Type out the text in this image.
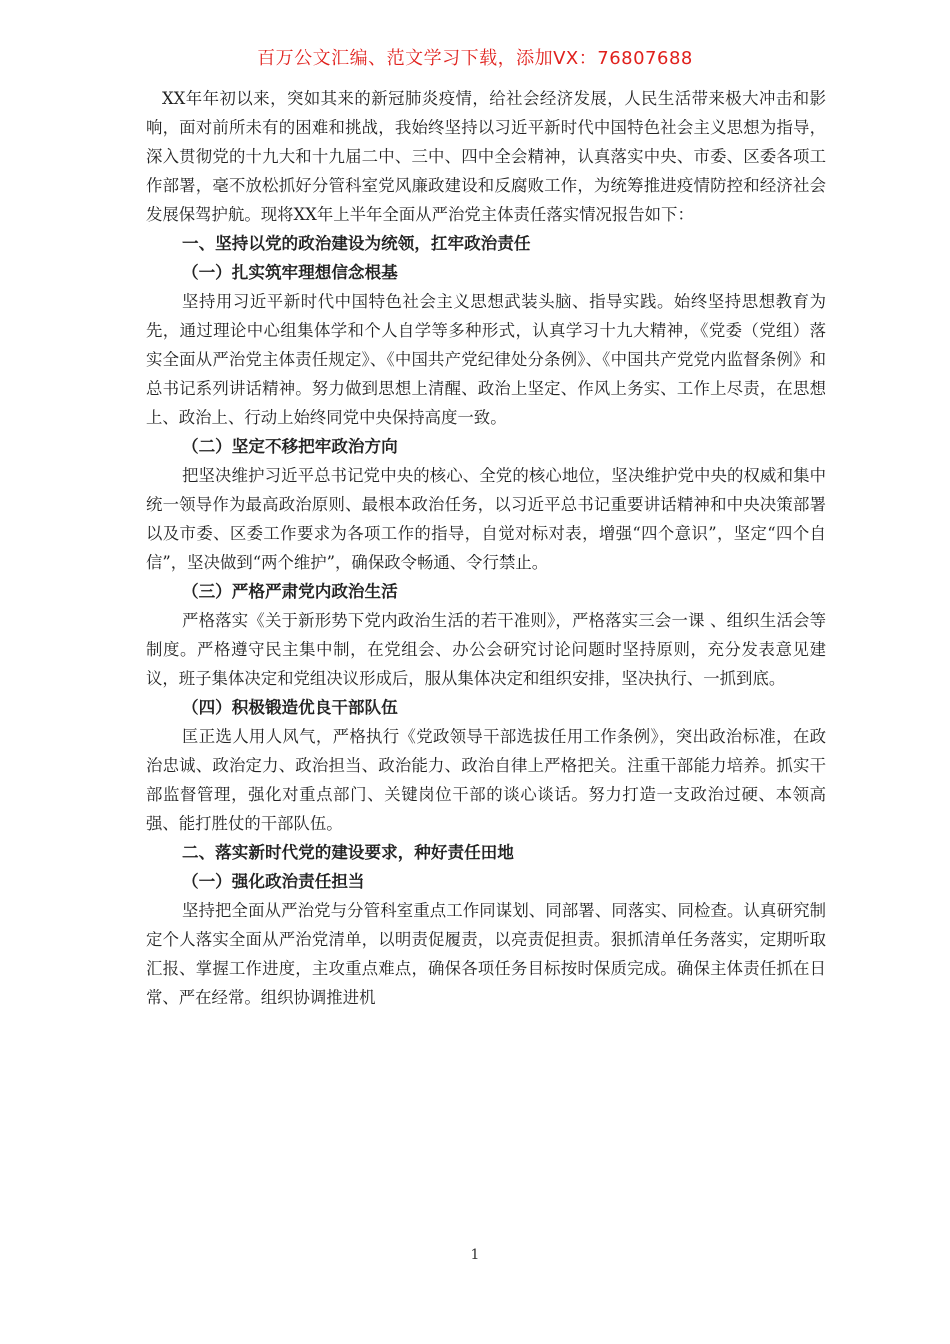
百万公文汇编、范文学习下载，添加VX：76807688

XX年年初以来，突如其来的新冠肺炎疫情，给社会经济发展，人民生活带来极大冲击和影响，面对前所未有的困难和挑战，我始终坚持以习近平新时代中国特色社会主义思想为指导，深入贯彻党的十九大和十九届二中、三中、四中全会精神，认真落实中央、市委、区委各项工作部署，毫不放松抓好分管科室党风廉政建设和反腐败工作，为统筹推进疫情防控和经济社会发展保驾护航。现将XX年上半年全面从严治党主体责任落实情况报告如下：

一、坚持以党的政治建设为统领，扛牢政治责任

（一）扎实筑牢理想信念根基

坚持用习近平新时代中国特色社会主义思想武装头脑、指导实践。始终坚持思想教育为先，通过理论中心组集体学和个人自学等多种形式，认真学习十九大精神，《党委（党组）落实全面从严治党主体责任规定》、《中国共产党纪律处分条例》、《中国共产党党内监督条例》和总书记系列讲话精神。努力做到思想上清醒、政治上坚定、作风上务实、工作上尽责，在思想上、政治上、行动上始终同党中央保持高度一致。

（二）坚定不移把牢政治方向

把坚决维护习近平总书记党中央的核心、全党的核心地位，坚决维护党中央的权威和集中统一领导作为最高政治原则、最根本政治任务，以习近平总书记重要讲话精神和中央决策部署以及市委、区委工作要求为各项工作的指导，自觉对标对表，增强“四个意识”，坚定“四个自信”，坚决做到“两个维护”，确保政令畅通、令行禁止。

（三）严格严肃党内政治生活

严格落实《关于新形势下党内政治生活的若干准则》，严格落实三会一课 、组织生活会等制度。严格遵守民主集中制，在党组会、办公会研究讨论问题时坚持原则，充分发表意见建议，班子集体决定和党组决议形成后，服从集体决定和组织安排，坚决执行、一抓到底。

（四）积极锻造优良干部队伍

匡正选人用人风气，严格执行《党政领导干部选拔任用工作条例》，突出政治标准，在政治忠诚、政治定力、政治担当、政治能力、政治自律上严格把关。注重干部能力培养。抓实干部监督管理，强化对重点部门、关键岗位干部的谈心谈话。努力打造一支政治过硬、本领高强、能打胜仗的干部队伍。

二、落实新时代党的建设要求，种好责任田地

（一）强化政治责任担当

坚持把全面从严治党与分管科室重点工作同谋划、同部署、同落实、同检查。认真研究制定个人落实全面从严治党清单，以明责促履责，以亮责促担责。狠抓清单任务落实，定期听取汇报、掌握工作进度，主攻重点难点，确保各项任务目标按时保质完成。确保主体责任抓在日常、严在经常。组织协调推进机

1
